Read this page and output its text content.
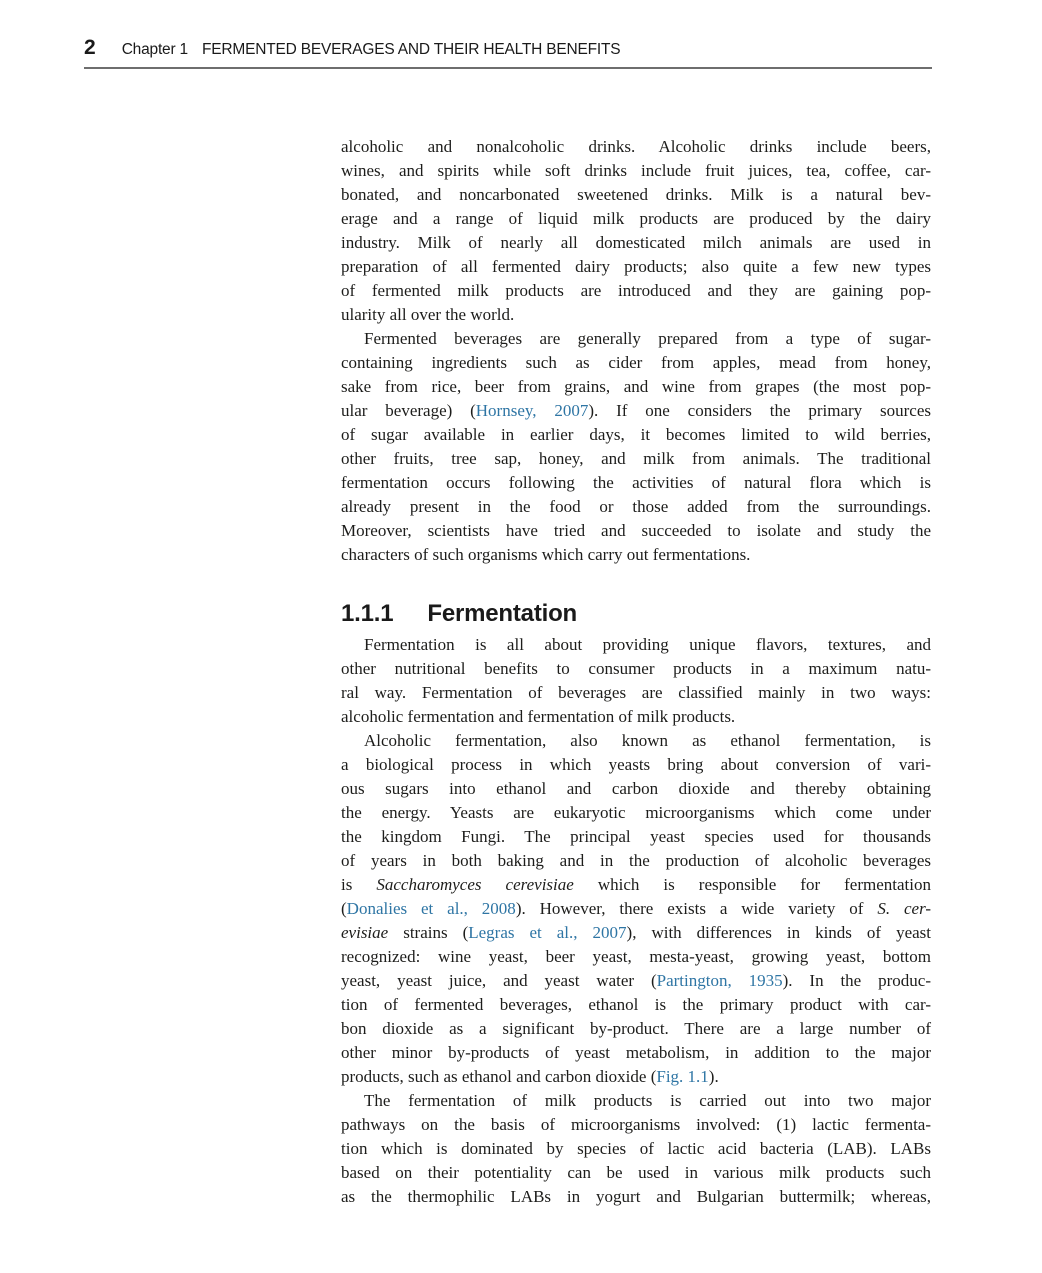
2 Chapter 1 FERMENTED BEVERAGES AND THEIR HEALTH BENEFITS
alcoholic and nonalcoholic drinks. Alcoholic drinks include beers,
wines, and spirits while soft drinks include fruit juices, tea, coffee, car-
bonated, and noncarbonated sweetened drinks. Milk is a natural bev-
erage and a range of liquid milk products are produced by the dairy
industry. Milk of nearly all domesticated milch animals are used in
preparation of all fermented dairy products; also quite a few new types
of fermented milk products are introduced and they are gaining pop-
ularity all over the world.
Fermented beverages are generally prepared from a type of sugar-
containing ingredients such as cider from apples, mead from honey,
sake from rice, beer from grains, and wine from grapes (the most pop-
ular beverage) (Hornsey, 2007). If one considers the primary sources
of sugar available in earlier days, it becomes limited to wild berries,
other fruits, tree sap, honey, and milk from animals. The traditional
fermentation occurs following the activities of natural flora which is
already present in the food or those added from the surroundings.
Moreover, scientists have tried and succeeded to isolate and study the
characters of such organisms which carry out fermentations.
1.1.1 Fermentation
Fermentation is all about providing unique flavors, textures, and
other nutritional benefits to consumer products in a maximum natu-
ral way. Fermentation of beverages are classified mainly in two ways:
alcoholic fermentation and fermentation of milk products.
Alcoholic fermentation, also known as ethanol fermentation, is
a biological process in which yeasts bring about conversion of vari-
ous sugars into ethanol and carbon dioxide and thereby obtaining
the energy. Yeasts are eukaryotic microorganisms which come under
the kingdom Fungi. The principal yeast species used for thousands
of years in both baking and in the production of alcoholic beverages
is Saccharomyces cerevisiae which is responsible for fermentation
(Donalies et al., 2008). However, there exists a wide variety of S. cer-
evisiae strains (Legras et al., 2007), with differences in kinds of yeast
recognized: wine yeast, beer yeast, mesta-yeast, growing yeast, bottom
yeast, yeast juice, and yeast water (Partington, 1935). In the produc-
tion of fermented beverages, ethanol is the primary product with car-
bon dioxide as a significant by-product. There are a large number of
other minor by-products of yeast metabolism, in addition to the major
products, such as ethanol and carbon dioxide (Fig. 1.1).
The fermentation of milk products is carried out into two major
pathways on the basis of microorganisms involved: (1) lactic fermenta-
tion which is dominated by species of lactic acid bacteria (LAB). LABs
based on their potentiality can be used in various milk products such
as the thermophilic LABs in yogurt and Bulgarian buttermilk; whereas,
